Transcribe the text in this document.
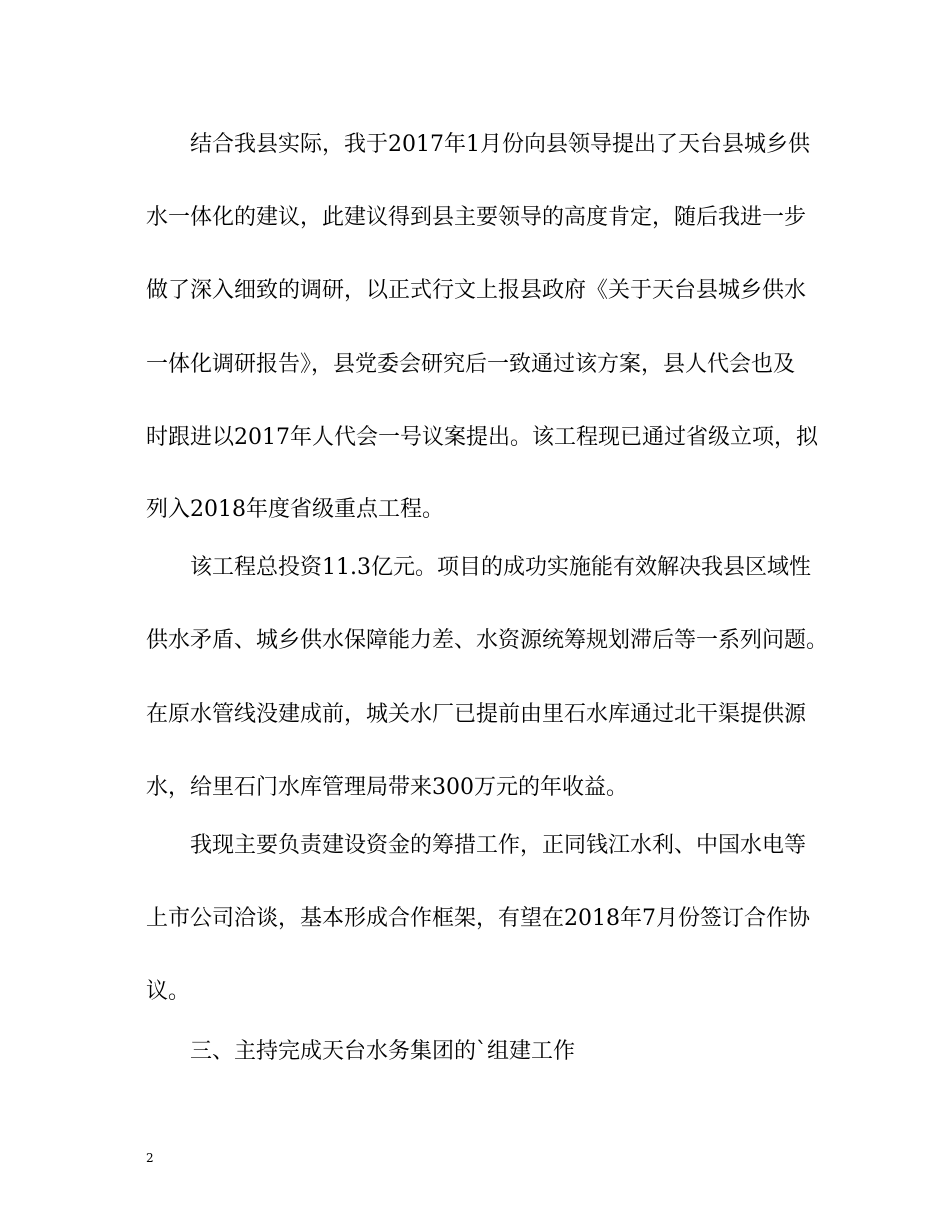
结合我县实际，我于2017年1月份向县领导提出了天台县城乡供
水一体化的建议，此建议得到县主要领导的高度肯定，随后我进一步
做了深入细致的调研，以正式行文上报县政府《关于天台县城乡供水
一体化调研报告》，县党委会研究后一致通过该方案，县人代会也及
时跟进以2017年人代会一号议案提出。该工程现已通过省级立项，拟
列入2018年度省级重点工程。
该工程总投资11.3亿元。项目的成功实施能有效解决我县区域性
供水矛盾、城乡供水保障能力差、水资源统筹规划滞后等一系列问题。
在原水管线没建成前，城关水厂已提前由里石水库通过北干渠提供源
水，给里石门水库管理局带来300万元的年收益。
我现主要负责建设资金的筹措工作，正同钱江水利、中国水电等
上市公司洽谈，基本形成合作框架，有望在2018年7月份签订合作协
议。
三、主持完成天台水务集团的`组建工作
2
